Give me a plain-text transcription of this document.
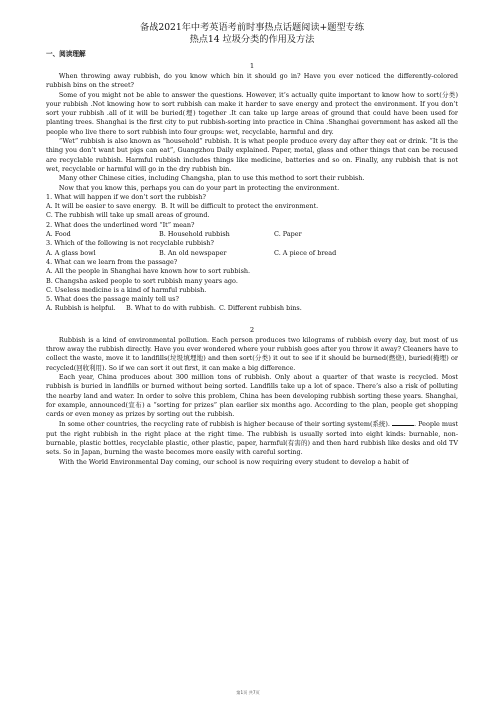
备战2021年中考英语考前时事热点话题阅读+题型专练
热点14 垃圾分类的作用及方法
一、阅读理解
1

When throwing away rubbish, do you know which bin it should go in? Have you ever noticed the differently-colored rubbish bins on the street?

Some of you might not be able to answer the questions. However, it’s actually quite important to know how to sort(分类) your rubbish .Not knowing how to sort rubbish can make it harder to save energy and protect the environment. If you don’t sort your rubbish .all of it will be buried(埋) together .It can take up large areas of ground that could have been used for planting trees. Shanghai is the first city to put rubbish-sorting into practice in China .Shanghai government has asked all the people who live there to sort rubbish into four groups: wet, recyclable, harmful and dry.

“Wet” rubbish is also known as “household” rubbish. It is what people produce every day after they eat or drink. “It is the thing you don’t want but pigs can eat”, Guangzhou Daily explained. Paper, metal, glass and other things that can be recused are recyclable rubbish. Harmful rubbish includes things like medicine, batteries and so on. Finally, any rubbish that is not wet, recyclable or harmful will go in the dry rubbish bin.

Many other Chinese cities, including Changsha, plan to use this method to sort their rubbish.

Now that you know this, perhaps you can do your part in protecting the environment.

1. What will happen if we don’t sort the rubbish?
A. It will be easier to save energy. B. It will be difficult to protect the environment.
C. The rubbish will take up small areas of ground.
2. What does the underlined word “It” mean?
A. Food	B. Household rubbish	C. Paper
3. Which of the following is not recyclable rubbish?
A. A glass bowl	B. An old newspaper	C. A piece of bread
4. What can we learn from the passage?
A. All the people in Shanghai have known how to sort rubbish.
B. Changsha asked people to sort rubbish many years ago.
C. Useless medicine is a kind of harmful rubbish.
5. What does the passage mainly tell us?
A. Rubbish is helpful.	B. What to do with rubbish. C. Different rubbish bins.
2

Rubbish is a kind of environmental pollution. Each person produces two kilograms of rubbish every day, but most of us throw away the rubbish directly. Have you ever wondered where your rubbish goes after you throw it away? Cleaners have to collect the waste, move it to landfills(垃圾填埋地) and then sort(分类) it out to see if it should be burned(燃烧), buried(掩埋) or recycled(回收利用). So if we can sort it out first, it can make a big difference.

Each year, China produces about 300 million tons of rubbish. Only about a quarter of that waste is recycled. Most rubbish is buried in landfills or burned without being sorted. Landfills take up a lot of space. There’s also a risk of polluting the nearby land and water. In order to solve this problem, China has been developing rubbish sorting these years. Shanghai, for example, announced(宣布) a “sorting for prizes” plan earlier six months ago. According to the plan, people get shopping cards or even money as prizes by sorting out the rubbish.

In some other countries, the recycling rate of rubbish is higher because of their sorting system(系统).	. People must put the right rubbish in the right place at the right time. The rubbish is usually sorted into eight kinds: burnable, non-burnable, plastic bottles, recyclable plastic, other plastic, paper, harmful(有害的) and then hard rubbish like desks and old TV sets. So in Japan, burning the waste becomes more easily with careful sorting.

With the World Environmental Day coming, our school is now requiring every student to develop a habit of

第1页 共7页
